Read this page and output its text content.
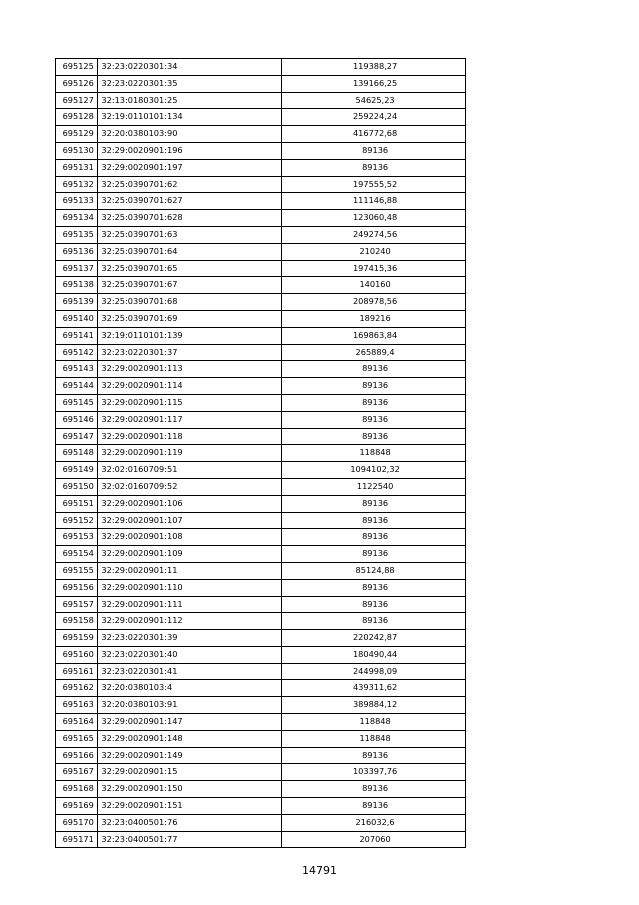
695125	32:23:0220301:34	119388,27
695126	32:23:0220301:35	139166,25
695127	32:13:0180301:25	54625,23
695128	32:19:0110101:134	259224,24
695129	32:20:0380103:90	416772,68
695130	32:29:0020901:196	89136
695131	32:29:0020901:197	89136
695132	32:25:0390701:62	197555,52
695133	32:25:0390701:627	111146,88
695134	32:25:0390701:628	123060,48
695135	32:25:0390701:63	249274,56
695136	32:25:0390701:64	210240
695137	32:25:0390701:65	197415,36
695138	32:25:0390701:67	140160
695139	32:25:0390701:68	208978,56
695140	32:25:0390701:69	189216
695141	32:19:0110101:139	169863,84
695142	32:23:0220301:37	265889,4
695143	32:29:0020901:113	89136
695144	32:29:0020901:114	89136
695145	32:29:0020901:115	89136
695146	32:29:0020901:117	89136
695147	32:29:0020901:118	89136
695148	32:29:0020901:119	118848
695149	32:02:0160709:51	1094102,32
695150	32:02:0160709:52	1122540
695151	32:29:0020901:106	89136
695152	32:29:0020901:107	89136
695153	32:29:0020901:108	89136
695154	32:29:0020901:109	89136
695155	32:29:0020901:11	85124,88
695156	32:29:0020901:110	89136
695157	32:29:0020901:111	89136
695158	32:29:0020901:112	89136
695159	32:23:0220301:39	220242,87
695160	32:23:0220301:40	180490,44
695161	32:23:0220301:41	244998,09
695162	32:20:0380103:4	439311,62
695163	32:20:0380103:91	389884,12
695164	32:29:0020901:147	118848
695165	32:29:0020901:148	118848
695166	32:29:0020901:149	89136
695167	32:29:0020901:15	103397,76
695168	32:29:0020901:150	89136
695169	32:29:0020901:151	89136
695170	32:23:0400501:76	216032,6
695171	32:23:0400501:77	207060
14791
